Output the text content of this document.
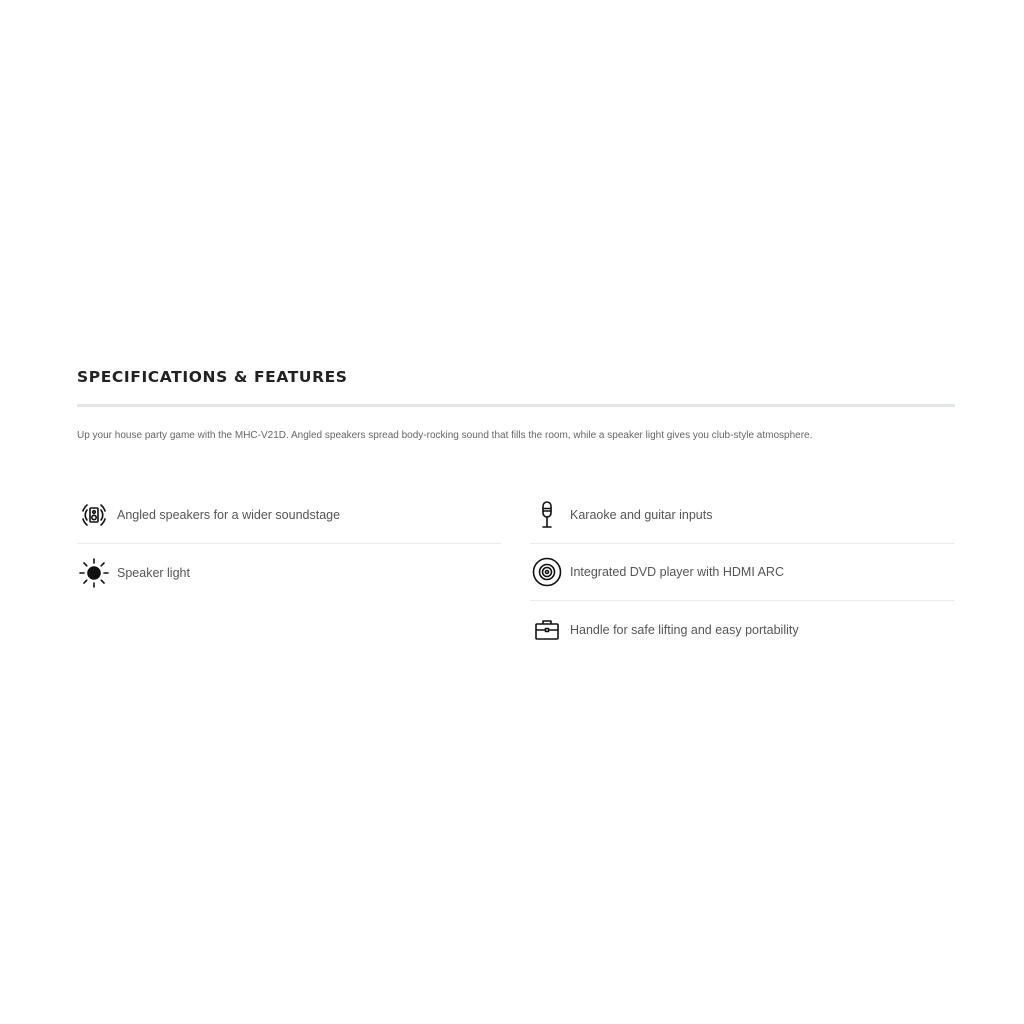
SPECIFICATIONS & FEATURES

Up your house party game with the MHC-V21D. Angled speakers spread body-rocking sound that fills the room, while a speaker light gives you club-style atmosphere.

Angled speakers for a wider soundstage
Speaker light
Karaoke and guitar inputs
Integrated DVD player with HDMI ARC
Handle for safe lifting and easy portability
